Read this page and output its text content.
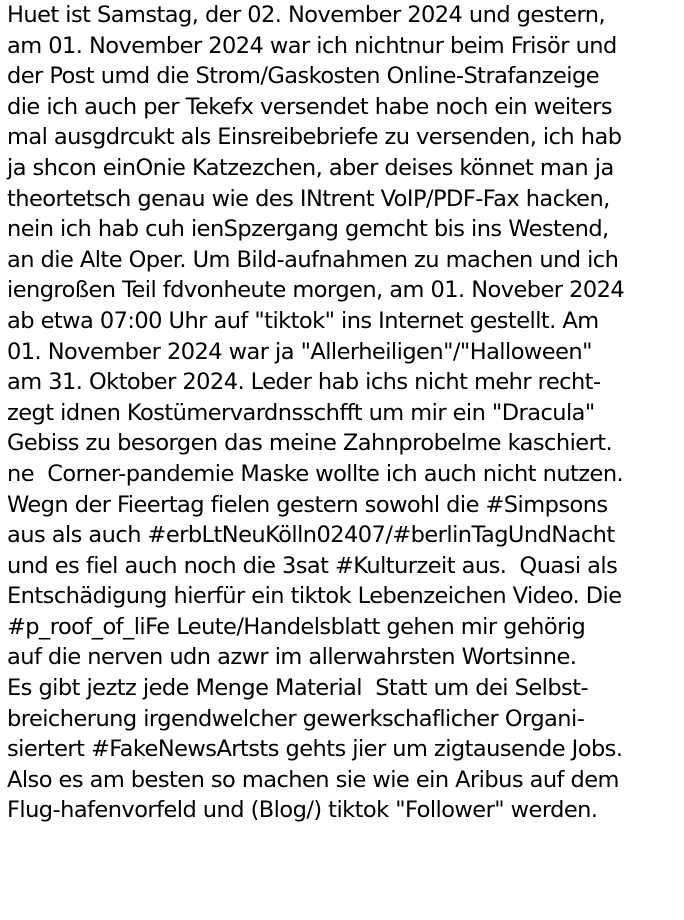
Huet ist Samstag, der 02. November 2024 und gestern,
am 01. November 2024 war ich nichtnur beim Frisör und
der Post umd die Strom/Gaskosten Online-Strafanzeige
die ich auch per Tekefx versendet habe noch ein weiters
mal ausgdrcukt als Einsreibebriefe zu versenden, ich hab
ja shcon einOnie Katzezchen, aber deises könnet man ja
theortetsch genau wie des INtrent VoIP/PDF-Fax hacken,
nein ich hab cuh ienSpzergang gemcht bis ins Westend,
an die Alte Oper. Um Bild-aufnahmen zu machen und ich
iengroßen Teil fdvonheute morgen, am 01. Noveber 2024
ab etwa 07:00 Uhr auf "tiktok" ins Internet gestellt. Am
01. November 2024 war ja "Allerheiligen"/"Halloween"
am 31. Oktober 2024. Leder hab ichs nicht mehr recht-
zegt idnen Kostümervardnsschfft um mir ein "Dracula"
Gebiss zu besorgen das meine Zahnprobelme kaschiert.
ne  Corner-pandemie Maske wollte ich auch nicht nutzen.
Wegn der Fieertag fielen gestern sowohl die #Simpsons
aus als auch #erbLtNeuKölln02407/#berlinTagUndNacht
und es fiel auch noch die 3sat #Kulturzeit aus.  Quasi als
Entschädigung hierfür ein tiktok Lebenzeichen Video. Die
#p_roof_of_liFe Leute/Handelsblatt gehen mir gehörig
auf die nerven udn azwr im allerwahrsten Wortsinne.
Es gibt jeztz jede Menge Material  Statt um dei Selbst-
breicherung irgendwelcher gewerkschaflicher Organi-
siertert #FakeNewsArtsts gehts jier um zigtausende Jobs.
Also es am besten so machen sie wie ein Aribus auf dem
Flug-hafenvorfeld und (Blog/) tiktok "Follower" werden.
